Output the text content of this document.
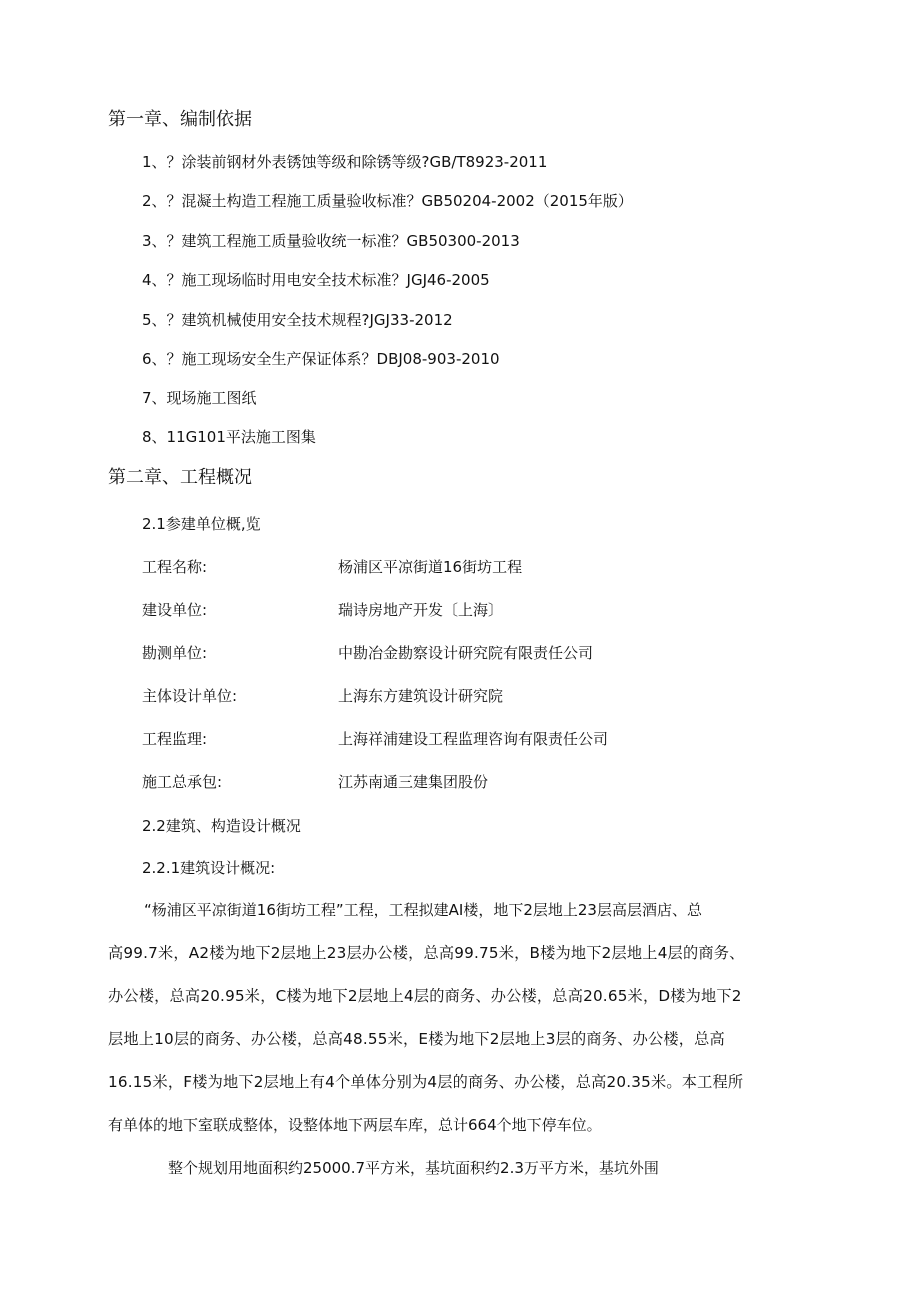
第一章、编制依据
1、？涂装前钢材外表锈蚀等级和除锈等级?GB/T8923-2011
2、？混凝土构造工程施工质量验收标准？GB50204-2002（2015年版）
3、？建筑工程施工质量验收统一标准？GB50300-2013
4、？施工现场临时用电安全技术标准？JGJ46-2005
5、？建筑机械使用安全技术规程?JGJ33-2012
6、？施工现场安全生产保证体系？DBJ08-903-2010
7、现场施工图纸
8、11G101平法施工图集
第二章、工程概况
2.1参建单位概,览
工程名称:	杨浦区平凉街道16街坊工程
建设单位:	瑞诗房地产开发〔上海〕
勘测单位:	中勘冶金勘察设计研究院有限责任公司
主体设计单位:	上海东方建筑设计研究院
工程监理:	上海祥浦建设工程监理咨询有限责任公司
施工总承包:	江苏南通三建集团股份
2.2建筑、构造设计概况
2.2.1建筑设计概况:
“杨浦区平凉街道16街坊工程”工程，工程拟建AI楼，地下2层地上23层高层酒店、总
高99.7米，A2楼为地下2层地上23层办公楼，总高99.75米，B楼为地下2层地上4层的商务、
办公楼，总高20.95米，C楼为地下2层地上4层的商务、办公楼，总高20.65米，D楼为地下2
层地上10层的商务、办公楼，总高48.55米，E楼为地下2层地上3层的商务、办公楼，总高
16.15米，F楼为地下2层地上有4个单体分别为4层的商务、办公楼，总高20.35米。本工程所
有单体的地下室联成整体，设整体地下两层车库，总计664个地下停车位。
整个规划用地面积约25000.7平方米，基坑面积约2.3万平方米，基坑外围
